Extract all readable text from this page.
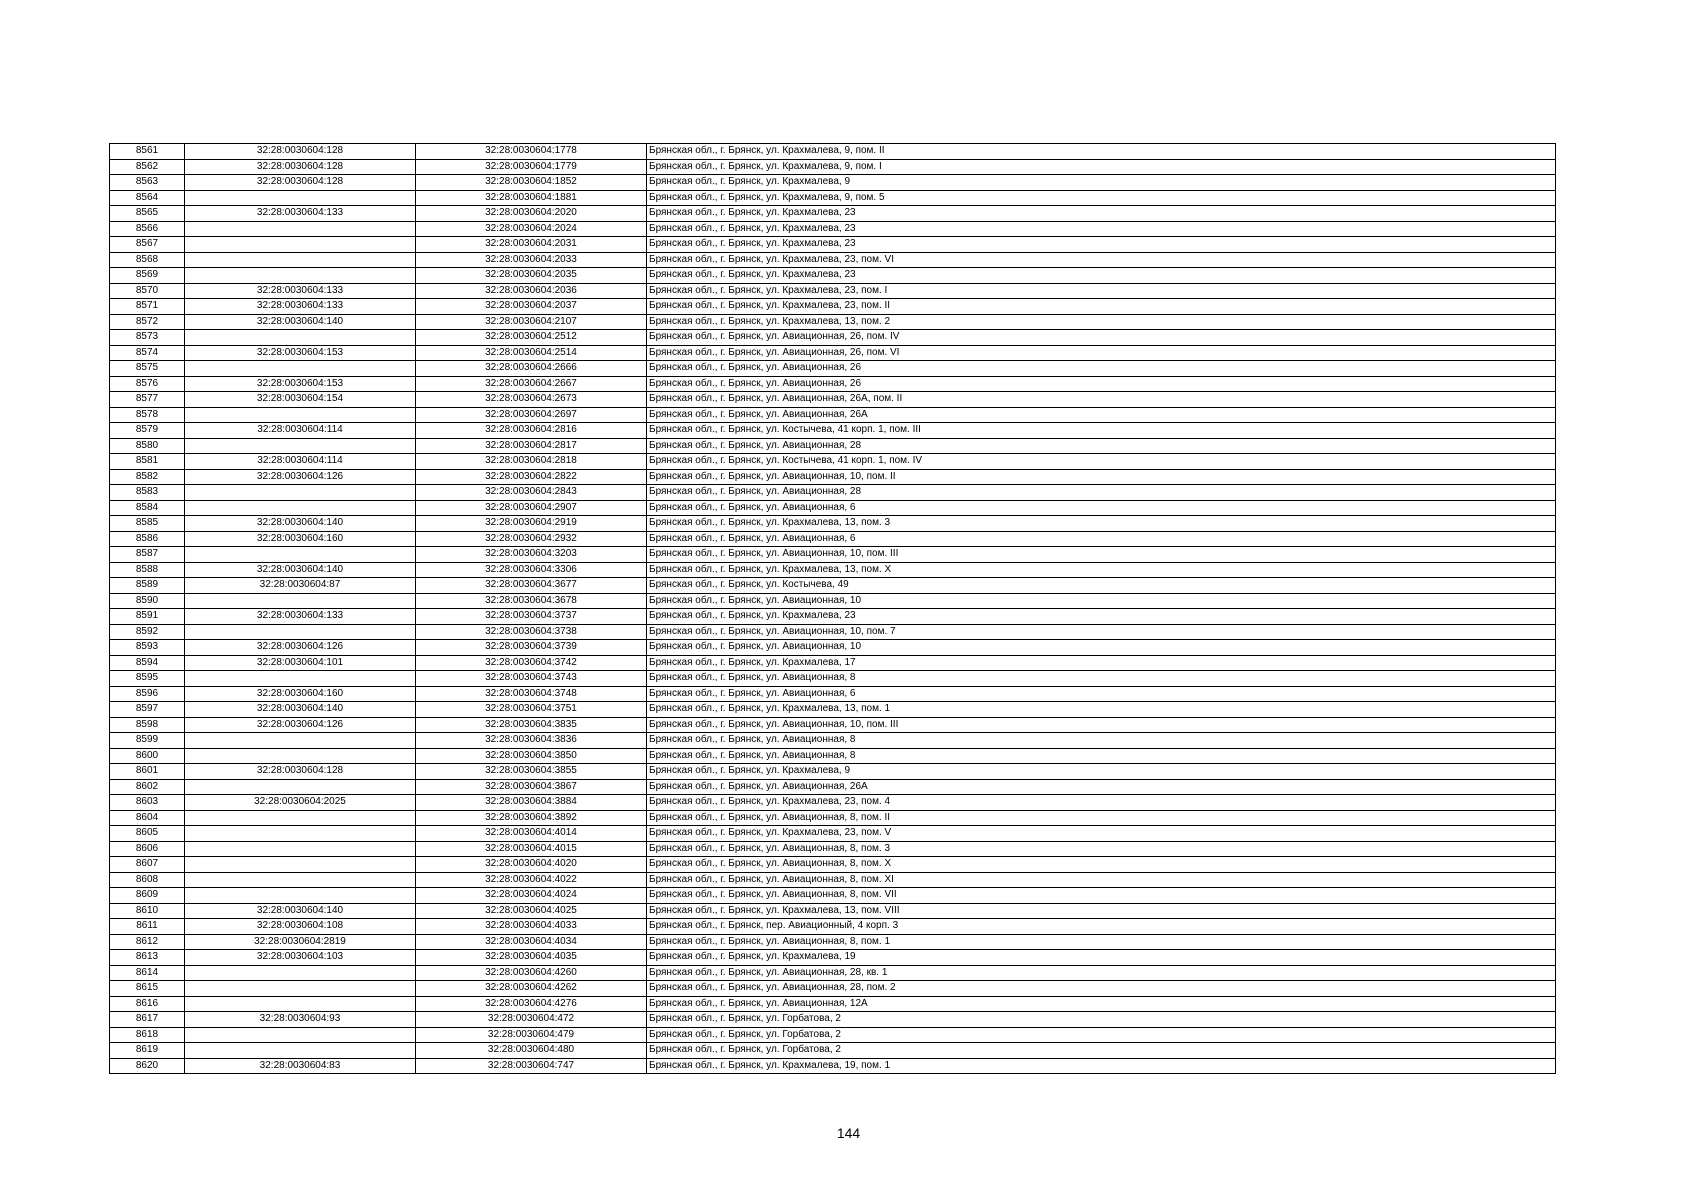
8561	32:28:0030604:128	32:28:0030604:1778	Брянская обл., г. Брянск, ул. Крахмалева, 9, пом. II
8562	32:28:0030604:128	32:28:0030604:1779	Брянская обл., г. Брянск, ул. Крахмалева, 9, пом. I
8563	32:28:0030604:128	32:28:0030604:1852	Брянская обл., г. Брянск, ул. Крахмалева, 9
8564		32:28:0030604:1881	Брянская обл., г. Брянск, ул. Крахмалева, 9, пом. 5
8565	32:28:0030604:133	32:28:0030604:2020	Брянская обл., г. Брянск, ул. Крахмалева, 23
8566		32:28:0030604:2024	Брянская обл., г. Брянск, ул. Крахмалева, 23
8567		32:28:0030604:2031	Брянская обл., г. Брянск, ул. Крахмалева, 23
8568		32:28:0030604:2033	Брянская обл., г. Брянск, ул. Крахмалева, 23, пом. VI
8569		32:28:0030604:2035	Брянская обл., г. Брянск, ул. Крахмалева, 23
8570	32:28:0030604:133	32:28:0030604:2036	Брянская обл., г. Брянск, ул. Крахмалева, 23, пом. I
8571	32:28:0030604:133	32:28:0030604:2037	Брянская обл., г. Брянск, ул. Крахмалева, 23, пом. II
8572	32:28:0030604:140	32:28:0030604:2107	Брянская обл., г. Брянск, ул. Крахмалева, 13, пом. 2
8573		32:28:0030604:2512	Брянская обл., г. Брянск, ул. Авиационная, 26, пом. IV
8574	32:28:0030604:153	32:28:0030604:2514	Брянская обл., г. Брянск, ул. Авиационная, 26, пом. VI
8575		32:28:0030604:2666	Брянская обл., г. Брянск, ул. Авиационная, 26
8576	32:28:0030604:153	32:28:0030604:2667	Брянская обл., г. Брянск, ул. Авиационная, 26
8577	32:28:0030604:154	32:28:0030604:2673	Брянская обл., г. Брянск, ул. Авиационная, 26А, пом. II
8578		32:28:0030604:2697	Брянская обл., г. Брянск, ул. Авиационная, 26А
8579	32:28:0030604:114	32:28:0030604:2816	Брянская обл., г. Брянск, ул. Костычева, 41 корп. 1, пом. III
8580		32:28:0030604:2817	Брянская обл., г. Брянск, ул. Авиационная, 28
8581	32:28:0030604:114	32:28:0030604:2818	Брянская обл., г. Брянск, ул. Костычева, 41 корп. 1, пом. IV
8582	32:28:0030604:126	32:28:0030604:2822	Брянская обл., г. Брянск, ул. Авиационная, 10, пом. II
8583		32:28:0030604:2843	Брянская обл., г. Брянск, ул. Авиационная, 28
8584		32:28:0030604:2907	Брянская обл., г. Брянск, ул. Авиационная, 6
8585	32:28:0030604:140	32:28:0030604:2919	Брянская обл., г. Брянск, ул. Крахмалева, 13, пом. 3
8586	32:28:0030604:160	32:28:0030604:2932	Брянская обл., г. Брянск, ул. Авиационная, 6
8587		32:28:0030604:3203	Брянская обл., г. Брянск, ул. Авиационная, 10, пом. III
8588	32:28:0030604:140	32:28:0030604:3306	Брянская обл., г. Брянск, ул. Крахмалева, 13, пом. X
8589	32:28:0030604:87	32:28:0030604:3677	Брянская обл., г. Брянск, ул. Костычева, 49
8590		32:28:0030604:3678	Брянская обл., г. Брянск, ул. Авиационная, 10
8591	32:28:0030604:133	32:28:0030604:3737	Брянская обл., г. Брянск, ул. Крахмалева, 23
8592		32:28:0030604:3738	Брянская обл., г. Брянск, ул. Авиационная, 10, пом. 7
8593	32:28:0030604:126	32:28:0030604:3739	Брянская обл., г. Брянск, ул. Авиационная, 10
8594	32:28:0030604:101	32:28:0030604:3742	Брянская обл., г. Брянск, ул. Крахмалева, 17
8595		32:28:0030604:3743	Брянская обл., г. Брянск, ул. Авиационная, 8
8596	32:28:0030604:160	32:28:0030604:3748	Брянская обл., г. Брянск, ул. Авиационная, 6
8597	32:28:0030604:140	32:28:0030604:3751	Брянская обл., г. Брянск, ул. Крахмалева, 13, пом. 1
8598	32:28:0030604:126	32:28:0030604:3835	Брянская обл., г. Брянск, ул. Авиационная, 10, пом. III
8599		32:28:0030604:3836	Брянская обл., г. Брянск, ул. Авиационная, 8
8600		32:28:0030604:3850	Брянская обл., г. Брянск, ул. Авиационная, 8
8601	32:28:0030604:128	32:28:0030604:3855	Брянская обл., г. Брянск, ул. Крахмалева, 9
8602		32:28:0030604:3867	Брянская обл., г. Брянск, ул. Авиационная, 26А
8603	32:28:0030604:2025	32:28:0030604:3884	Брянская обл., г. Брянск, ул. Крахмалева, 23, пом. 4
8604		32:28:0030604:3892	Брянская обл., г. Брянск, ул. Авиационная, 8, пом. II
8605		32:28:0030604:4014	Брянская обл., г. Брянск, ул. Крахмалева, 23, пом. V
8606		32:28:0030604:4015	Брянская обл., г. Брянск, ул. Авиационная, 8, пом. 3
8607		32:28:0030604:4020	Брянская обл., г. Брянск, ул. Авиационная, 8, пом. X
8608		32:28:0030604:4022	Брянская обл., г. Брянск, ул. Авиационная, 8, пом. XI
8609		32:28:0030604:4024	Брянская обл., г. Брянск, ул. Авиационная, 8, пом. VII
8610	32:28:0030604:140	32:28:0030604:4025	Брянская обл., г. Брянск, ул. Крахмалева, 13, пом. VIII
8611	32:28:0030604:108	32:28:0030604:4033	Брянская обл., г. Брянск, пер. Авиационный, 4 корп. 3
8612	32:28:0030604:2819	32:28:0030604:4034	Брянская обл., г. Брянск, ул. Авиационная, 8, пом. 1
8613	32:28:0030604:103	32:28:0030604:4035	Брянская обл., г. Брянск, ул. Крахмалева, 19
8614		32:28:0030604:4260	Брянская обл., г. Брянск, ул. Авиационная, 28, кв. 1
8615		32:28:0030604:4262	Брянская обл., г. Брянск, ул. Авиационная, 28, пом. 2
8616		32:28:0030604:4276	Брянская обл., г. Брянск, ул. Авиационная, 12А
8617	32:28:0030604:93	32:28:0030604:472	Брянская обл., г. Брянск, ул. Горбатова, 2
8618		32:28:0030604:479	Брянская обл., г. Брянск, ул. Горбатова, 2
8619		32:28:0030604:480	Брянская обл., г. Брянск, ул. Горбатова, 2
8620	32:28:0030604:83	32:28:0030604:747	Брянская обл., г. Брянск, ул. Крахмалева, 19, пом. 1
144
